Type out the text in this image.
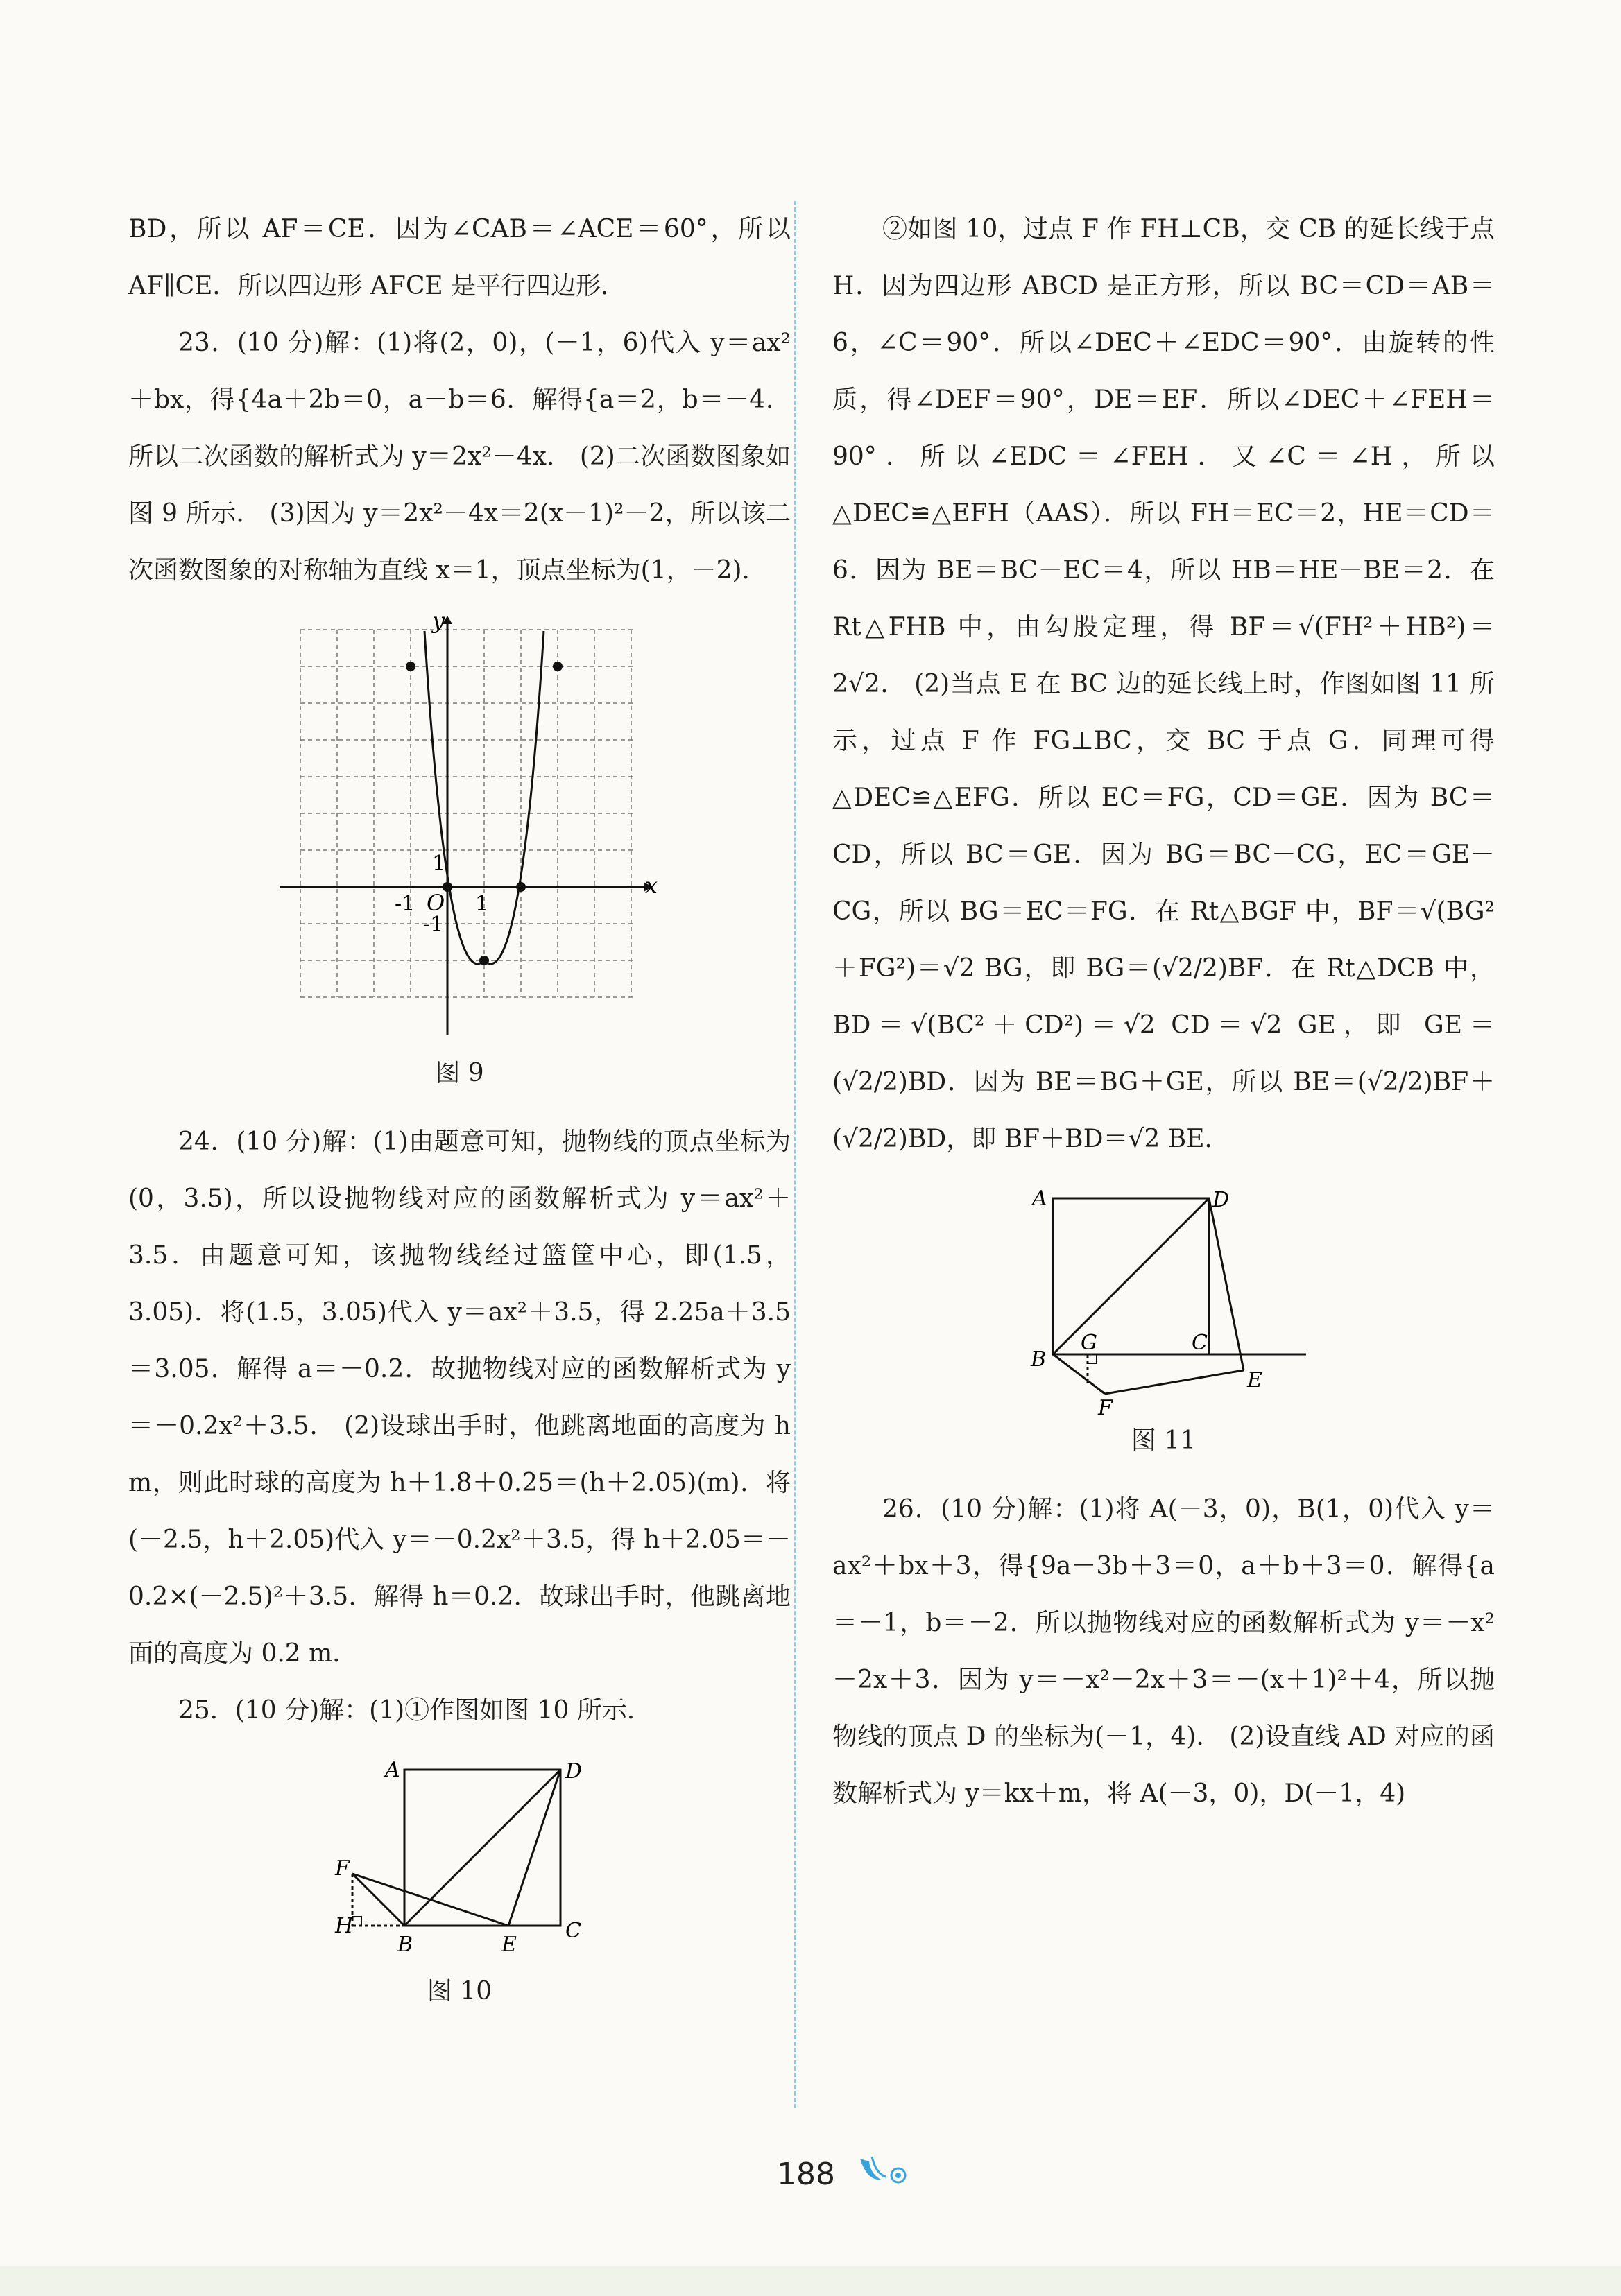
BD，所以 AF＝CE．因为∠CAB＝∠ACE＝60°，所以 AF∥CE．所以四边形 AFCE 是平行四边形．

23．(10 分)解：(1)将(2，0)，(－1，6)代入 y＝ax²＋bx，得{4a＋2b＝0，a－b＝6．解得{a＝2，b＝－4．所以二次函数的解析式为 y＝2x²－4x． (2)二次函数图象如图 9 所示． (3)因为 y＝2x²－4x＝2(x－1)²－2，所以该二次函数图象的对称轴为直线 x＝1，顶点坐标为(1，－2)．

x
y
O
-1	1
1
-1
图 9

24．(10 分)解：(1)由题意可知，抛物线的顶点坐标为(0，3.5)，所以设抛物线对应的函数解析式为 y＝ax²＋3.5．由题意可知，该抛物线经过篮筐中心，即(1.5，3.05)．将(1.5，3.05)代入 y＝ax²＋3.5，得 2.25a＋3.5＝3.05．解得 a＝－0.2．故抛物线对应的函数解析式为 y＝－0.2x²＋3.5． (2)设球出手时，他跳离地面的高度为 h m，则此时球的高度为 h＋1.8＋0.25＝(h＋2.05)(m)．将(－2.5，h＋2.05)代入 y＝－0.2x²＋3.5，得 h＋2.05＝－0.2×(－2.5)²＋3.5．解得 h＝0.2．故球出手时，他跳离地面的高度为 0.2 m．

25．(10 分)解：(1)①作图如图 10 所示．

A	D
F
H
B	E
C
图 10

②如图 10，过点 F 作 FH⊥CB，交 CB 的延长线于点 H．因为四边形 ABCD 是正方形，所以 BC＝CD＝AB＝6，∠C＝90°．所以∠DEC＋∠EDC＝90°．由旋转的性质，得∠DEF＝90°，DE＝EF．所以∠DEC＋∠FEH＝90°．所以∠EDC＝∠FEH．又∠C＝∠H，所以△DEC≌△EFH（AAS）．所以 FH＝EC＝2，HE＝CD＝6．因为 BE＝BC－EC＝4，所以 HB＝HE－BE＝2．在Rt△FHB 中，由勾股定理，得 BF＝√(FH²＋HB²)＝2√2． (2)当点 E 在 BC 边的延长线上时，作图如图 11 所示，过点 F 作 FG⊥BC，交 BC 于点 G．同理可得△DEC≌△EFG．所以 EC＝FG，CD＝GE．因为 BC＝CD，所以 BC＝GE．因为 BG＝BC－CG，EC＝GE－CG，所以 BG＝EC＝FG．在 Rt△BGF 中，BF＝√(BG²＋FG²)＝√2 BG，即 BG＝(√2/2)BF．在 Rt△DCB 中，BD＝√(BC²＋CD²)＝√2 CD＝√2 GE，即 GE＝(√2/2)BD．因为 BE＝BG＋GE，所以 BE＝(√2/2)BF＋(√2/2)BD，即 BF＋BD＝√2 BE．

A	D
B
G	C
E
F
图 11

26．(10 分)解：(1)将 A(－3，0)，B(1，0)代入 y＝ax²＋bx＋3，得{9a－3b＋3＝0，a＋b＋3＝0．解得{a＝－1，b＝－2．所以抛物线对应的函数解析式为 y＝－x²－2x＋3．因为 y＝－x²－2x＋3＝－(x＋1)²＋4，所以抛物线的顶点 D 的坐标为(－1，4)． (2)设直线 AD 对应的函数解析式为 y＝kx＋m，将 A(－3，0)，D(－1，4)

188
